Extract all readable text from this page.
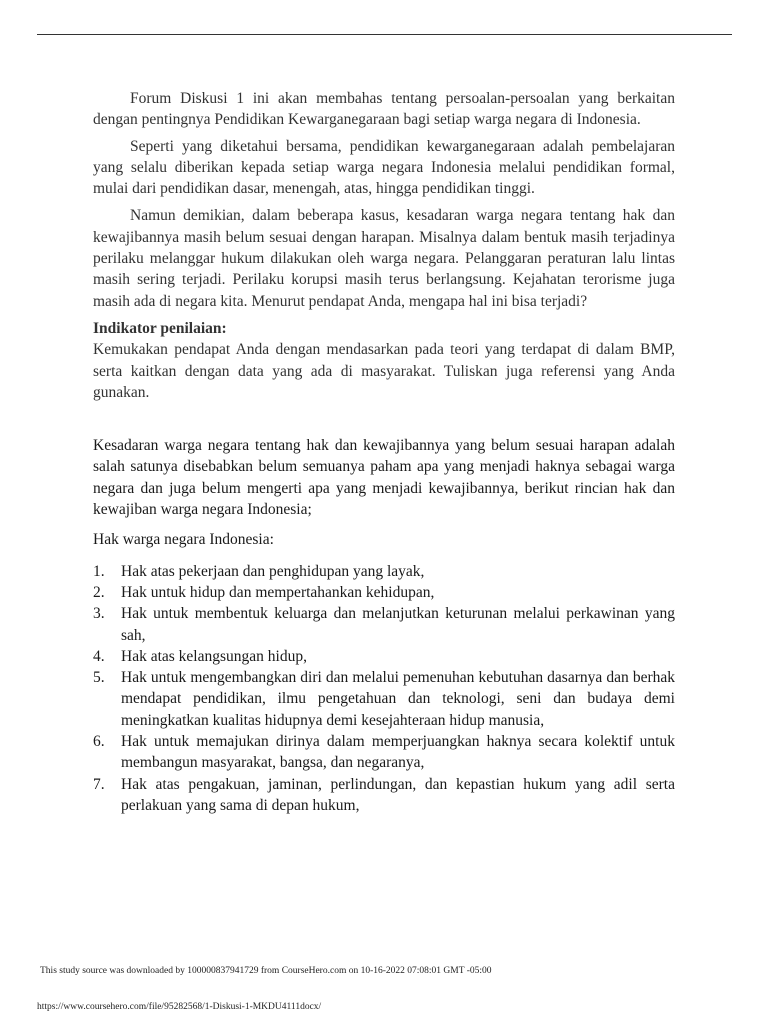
Forum Diskusi 1 ini akan membahas tentang persoalan-persoalan yang berkaitan dengan pentingnya Pendidikan Kewarganegaraan bagi setiap warga negara di Indonesia.

Seperti yang diketahui bersama, pendidikan kewarganegaraan adalah pembelajaran yang selalu diberikan kepada setiap warga negara Indonesia melalui pendidikan formal, mulai dari pendidikan dasar, menengah, atas, hingga pendidikan tinggi.

Namun demikian, dalam beberapa kasus, kesadaran warga negara tentang hak dan kewajibannya masih belum sesuai dengan harapan. Misalnya dalam bentuk masih terjadinya perilaku melanggar hukum dilakukan oleh warga negara. Pelanggaran peraturan lalu lintas masih sering terjadi. Perilaku korupsi masih terus berlangsung. Kejahatan terorisme juga masih ada di negara kita. Menurut pendapat Anda, mengapa hal ini bisa terjadi?

Indikator penilaian:

Kemukakan pendapat Anda dengan mendasarkan pada teori yang terdapat di dalam BMP, serta kaitkan dengan data yang ada di masyarakat. Tuliskan juga referensi yang Anda gunakan.

Kesadaran warga negara tentang hak dan kewajibannya yang belum sesuai harapan adalah salah satunya disebabkan belum semuanya paham apa yang menjadi haknya sebagai warga negara dan juga belum mengerti apa yang menjadi kewajibannya, berikut rincian hak dan kewajiban warga negara Indonesia;

Hak warga negara Indonesia:

1. Hak atas pekerjaan dan penghidupan yang layak,
2. Hak untuk hidup dan mempertahankan kehidupan,
3. Hak untuk membentuk keluarga dan melanjutkan keturunan melalui perkawinan yang sah,
4. Hak atas kelangsungan hidup,
5. Hak untuk mengembangkan diri dan melalui pemenuhan kebutuhan dasarnya dan berhak mendapat pendidikan, ilmu pengetahuan dan teknologi, seni dan budaya demi meningkatkan kualitas hidupnya demi kesejahteraan hidup manusia,
6. Hak untuk memajukan dirinya dalam memperjuangkan haknya secara kolektif untuk membangun masyarakat, bangsa, dan negaranya,
7. Hak atas pengakuan, jaminan, perlindungan, dan kepastian hukum yang adil serta perlakuan yang sama di depan hukum,
This study source was downloaded by 100000837941729 from CourseHero.com on 10-16-2022 07:08:01 GMT -05:00
https://www.coursehero.com/file/95282568/1-Diskusi-1-MKDU4111docx/
